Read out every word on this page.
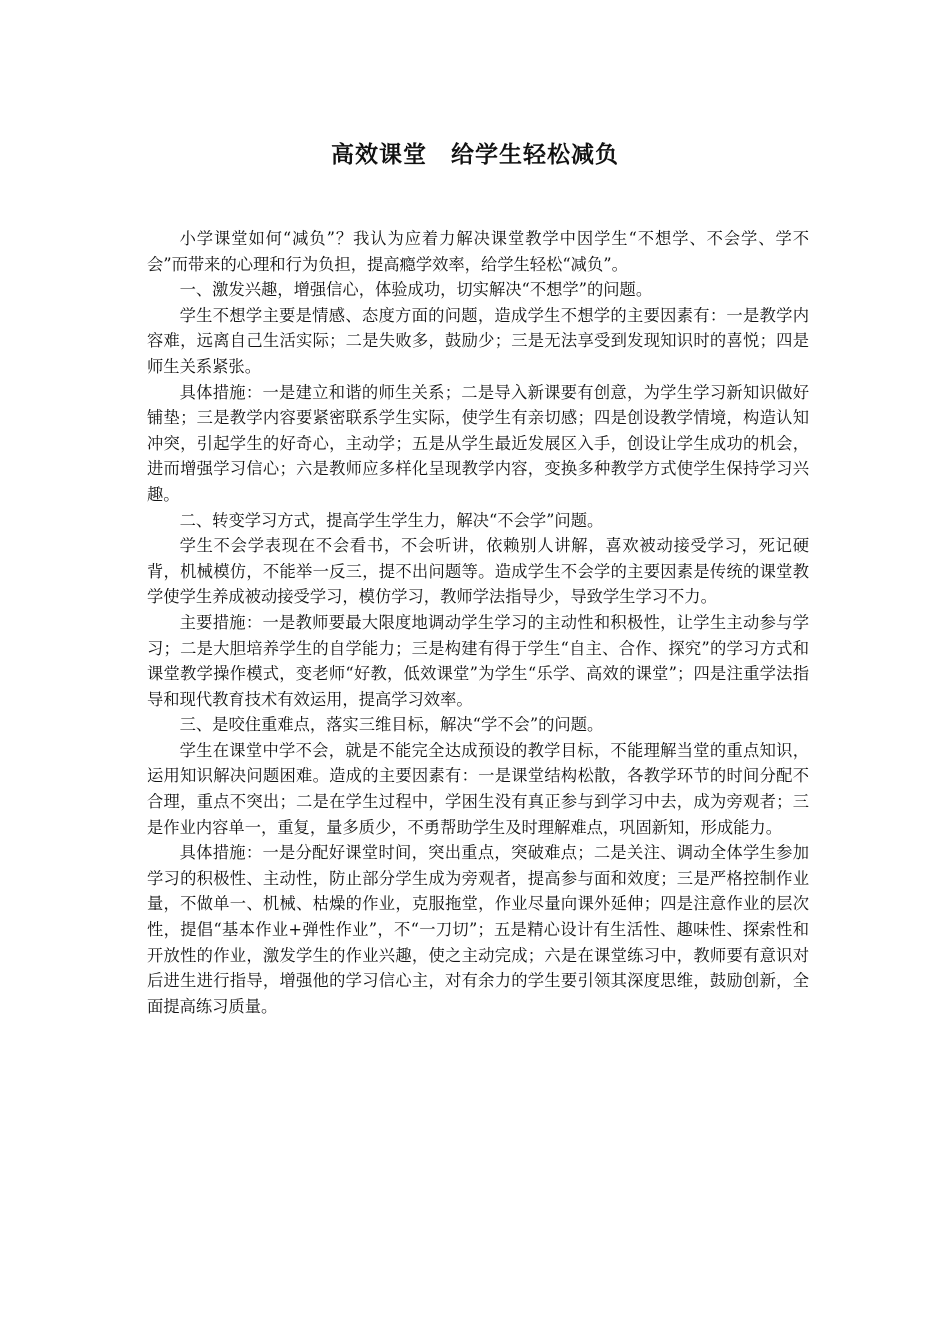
高效课堂　给学生轻松减负

小学课堂如何“减负”？我认为应着力解决课堂教学中因学生“不想学、不会学、学不会”而带来的心理和行为负担，提高瘾学效率，给学生轻松“减负”。

一、激发兴趣，增强信心，体验成功，切实解决“不想学”的问题。

学生不想学主要是情感、态度方面的问题，造成学生不想学的主要因素有：一是教学内容难，远离自己生活实际；二是失败多，鼓励少；三是无法享受到发现知识时的喜悦；四是师生关系紧张。

具体措施：一是建立和谐的师生关系；二是导入新课要有创意，为学生学习新知识做好铺垫；三是教学内容要紧密联系学生实际，使学生有亲切感；四是创设教学情境，构造认知冲突，引起学生的好奇心，主动学；五是从学生最近发展区入手，创设让学生成功的机会，进而增强学习信心；六是教师应多样化呈现教学内容，变换多种教学方式使学生保持学习兴趣。

二、转变学习方式，提高学生学生力，解决“不会学”问题。

学生不会学表现在不会看书，不会听讲，依赖别人讲解，喜欢被动接受学习，死记硬背，机械模仿，不能举一反三，提不出问题等。造成学生不会学的主要因素是传统的课堂教学使学生养成被动接受学习，模仿学习，教师学法指导少，导致学生学习不力。

主要措施：一是教师要最大限度地调动学生学习的主动性和积极性，让学生主动参与学习；二是大胆培养学生的自学能力；三是构建有得于学生“自主、合作、探究”的学习方式和课堂教学操作模式，变老师“好教，低效课堂”为学生“乐学、高效的课堂”；四是注重学法指导和现代教育技术有效运用，提高学习效率。

三、是咬住重难点，落实三维目标，解决“学不会”的问题。

学生在课堂中学不会，就是不能完全达成预设的教学目标，不能理解当堂的重点知识，运用知识解决问题困难。造成的主要因素有：一是课堂结构松散，各教学环节的时间分配不合理，重点不突出；二是在学生过程中，学困生没有真正参与到学习中去，成为旁观者；三是作业内容单一，重复，量多质少，不勇帮助学生及时理解难点，巩固新知，形成能力。

具体措施：一是分配好课堂时间，突出重点，突破难点；二是关注、调动全体学生参加学习的积极性、主动性，防止部分学生成为旁观者，提高参与面和效度；三是严格控制作业量，不做单一、机械、枯燥的作业，克服拖堂，作业尽量向课外延伸；四是注意作业的层次性，提倡“基本作业+弹性作业”，不“一刀切”；五是精心设计有生活性、趣味性、探索性和开放性的作业，激发学生的作业兴趣，使之主动完成；六是在课堂练习中，教师要有意识对后进生进行指导，增强他的学习信心主，对有余力的学生要引领其深度思维，鼓励创新，全面提高练习质量。
